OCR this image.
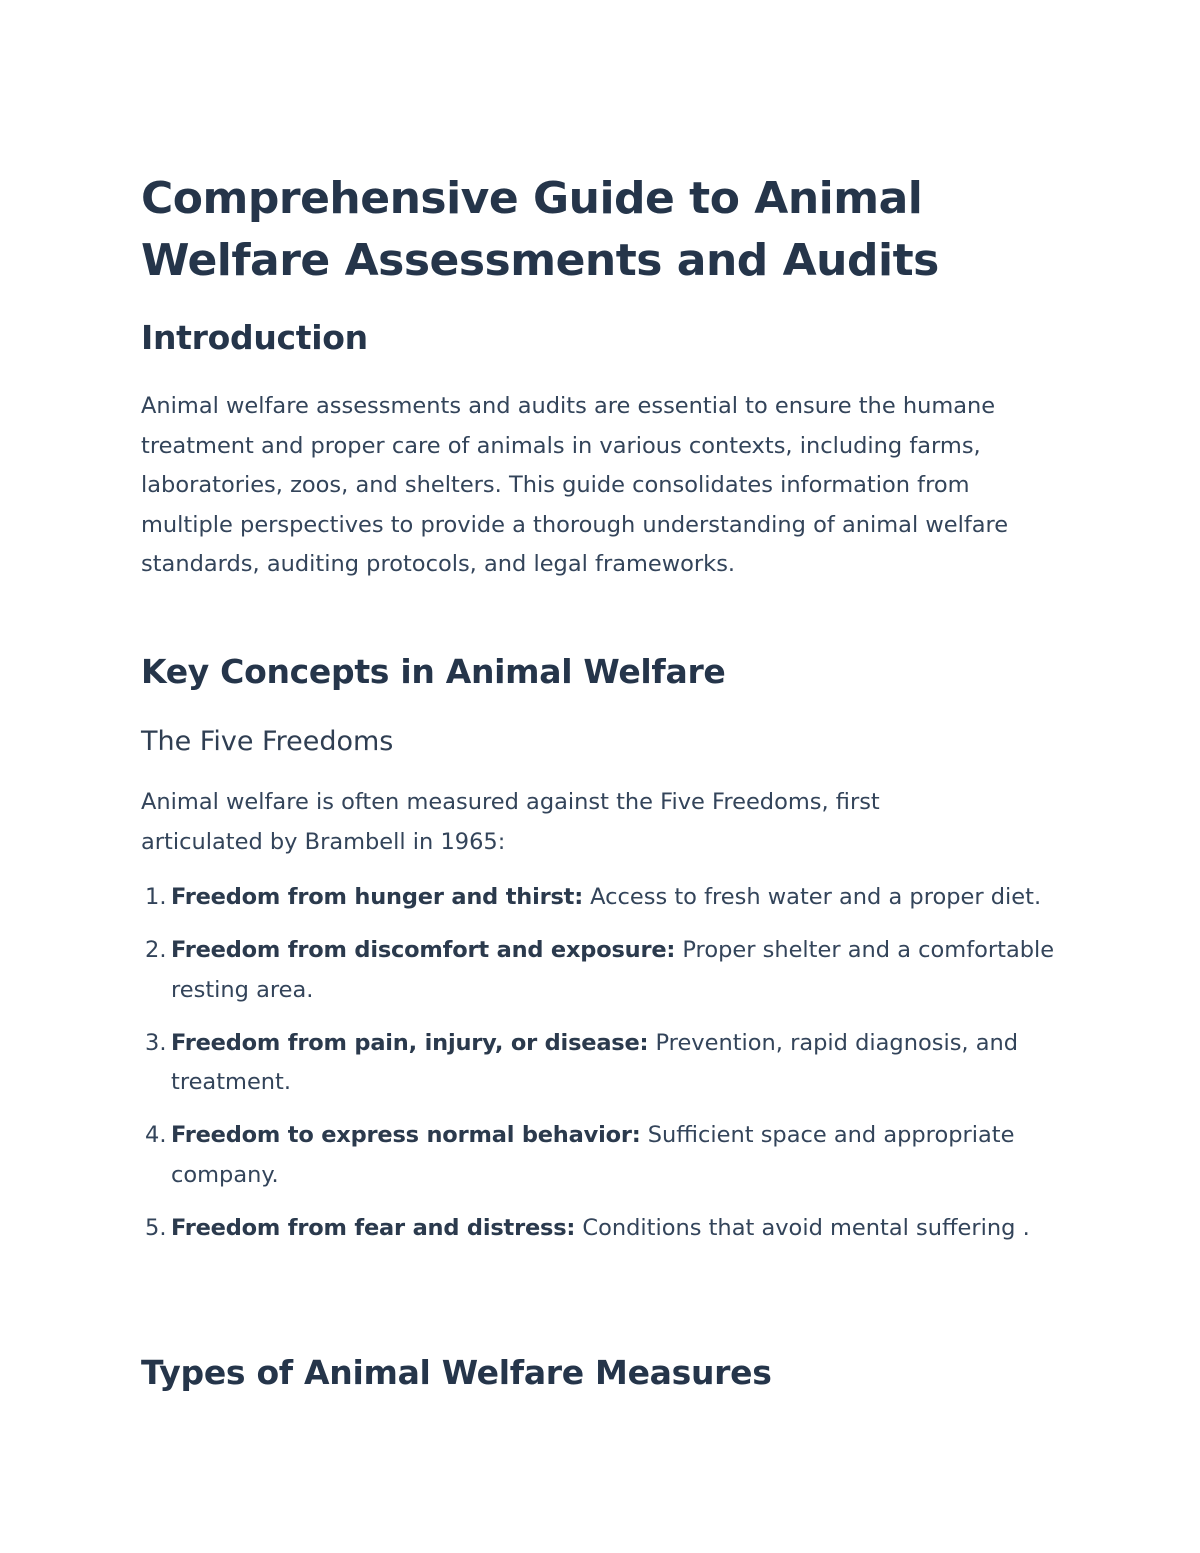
Comprehensive Guide to Animal Welfare Assessments and Audits
Introduction

Animal welfare assessments and audits are essential to ensure the humane treatment and proper care of animals in various contexts, including farms, laboratories, zoos, and shelters. This guide consolidates information from multiple perspectives to provide a thorough understanding of animal welfare standards, auditing protocols, and legal frameworks.

Key Concepts in Animal Welfare
The Five Freedoms

Animal welfare is often measured against the Five Freedoms, first articulated by Brambell in 1965:

1. Freedom from hunger and thirst: Access to fresh water and a proper diet.
2. Freedom from discomfort and exposure: Proper shelter and a comfortable resting area.
3. Freedom from pain, injury, or disease: Prevention, rapid diagnosis, and treatment.
4. Freedom to express normal behavior: Sufficient space and appropriate company.
5. Freedom from fear and distress: Conditions that avoid mental suffering .
Types of Animal Welfare Measures
